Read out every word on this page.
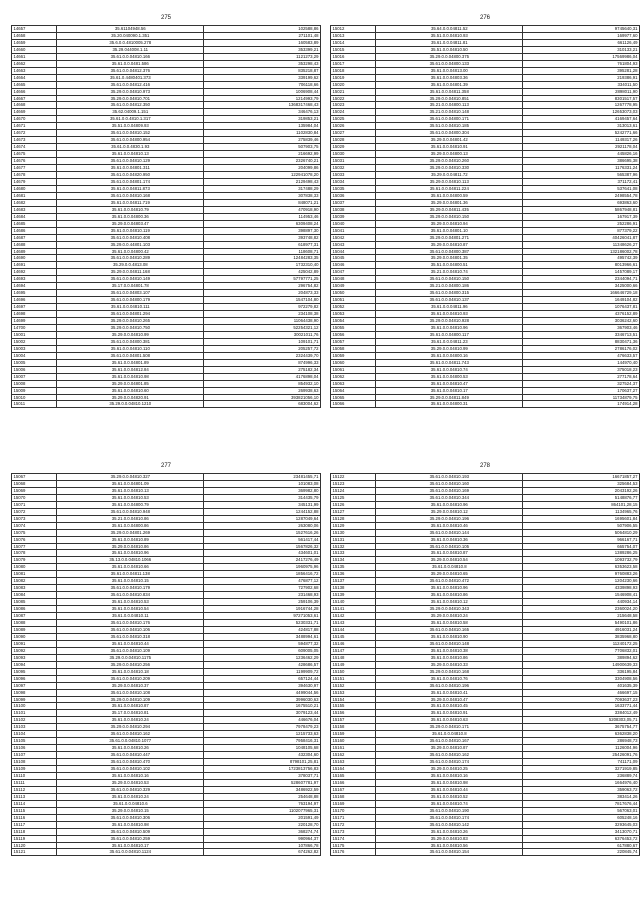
275
14657	35.61104948.56	102588,86
14658	35.20.040090.1.351	271101,48
14659	35.6.0.0.4810005.278	160583,89
14660	35.29.044008.1.11	353399,21
14661	35.61.0.0.04810.166	1121273,29
14662	35.61.0.0.0481.586	353298,43
14663	35.61.0.0.04812.376	835218,87
14664	35.61.0.4480401.373	339199,62
14665	35.61.0.0.04812.416	706118,66
14666	35.29.0.0.04810.973	1006908,44
14667	35.29.0.0.04810.701	1214993,79
14668	35.61.0.0.04812.350	1368317468,43
14669	35.62.04009.1.151	346476,13
14670	35.61.0.0.4810.1.317	319853,21
14671	35.51.0.0.04809.93	135984,04
14672	35.61.0.0.04810.152	1102830,84
14673	35.61.0.0.04800.954	275839,46
14674	35.61.0.0.4830.1.93	507903,75
14675	35.61.0.0.04810.13	216692,99
14676	35.61.0.0.04810.129	2326740,21
14677	35.61.0.0.04801.311	204099,86
14678	35.61.0.0.04820.950	122941078,20
14679	35.61.0.0.04801.174	2129498,43
14680	35.61.0.0.04811.873	317488,29
14681	35.61.0.0.04810.168	307838,33
14682	35.61.0.0.04811.719	848071,21
14683	35.61.0.0.04810.79	470918,90
14684	35.61.0.0.04800.36	114953,46
14685	35.29.0.0.04803.47	6309408,24
14686	35.61.0.0.04810.119	398897,30
14687	35.61.0.0.04810.408	393748,82
14688	35.29.0.0.44801.103	618977,31
14689	35.61.0.0.04800.42	118608,71
14690	35.61.0.0.04810.289	12484283,35
14691	35.29.0.0.4813.08	1732310,40
14692	35.29.0.0.04811.168	425042,89
14693	35.61.0.0.04810.149	57797771,25
14694	35.17.0.0.04801.78	296754,82
14695	35.61.0.0.04803.107	204873,33
14696	35.61.0.0.04800.179	1547104,80
14697	35.61.0.0.04810.111	972279,82
14698	35.61.0.0.04801.294	234108,38
14699	35.29.0.0.04810.265	11064438,90
14700	35.29.0.0.04810.750	52254321,12
15001	35.29.0.0.04810.99	30021011,76
15002	35.61.0.0.04800.381	109101,71
15003	35.61.0.0.04810.110	205257,72
15004	35.61.0.0.04801.508	2324439,70
15005	35.61.0.0.04801.89	874996,33
15006	35.61.0.0.04812.84	275182,34
15007	35.61.0.0.04810.98	4176898,04
15008	35.29.0.0.04801.85	854932,10
15009	35.61.0.0.04810.60	269938,63
15010	35.29.0.0.04820.91	393821056,10
15011	35.29.0.0.04810.1210	683004,62
276
15012	35.64.0.0.04811.52	9745640,31
15013	35.51.0.0.04810.93	169977,60
15014	35.61.0.0.04811.81	661126,49
15015	35.51.0.0.04810.50	310133,21
15016	35.29.0.0.04800.375	17569986,04
15017	35.61.0.0.04800.133	761804,93
15018	35.61.0.0.04813.00	395281,28
15019	35.61.0.0.04803.36	219386,91
15020	35.61.0.0.04801.39	334011,50
15021	35.61.0.0.04811.358	2898011,90
15022	35.29.0.0.04810.851	8301517,57
15023	35.21.0.0.04800.113	1267778,95
15024	35.21.0.0.04810.148	12653073,03
15025	35.61.0.0.04800.171	4169457,64
15026	35.51.0.0.04810.185	313013,61
15027	35.61.0.0.04800.304	5242771,66
15028	35.29.0.0.04801.42	1149317,26
15029	35.61.0.0.04810.91	2921178,04
15030	35.29.0.0.04800.13	445826,16
15031	35.29.0.0.04810.260	386695,38
15032	35.29.0.0.04810.330	1176331,24
15033	35.29.0.0.04811.72	565387,96
15034	35.29.0.0.04810.113	371172,41
15035	35.61.0.0.04811.224	537641,08
15036	35.61.0.0.04800.59	2498554,78
15037	35.29.0.0.04801.36	693863,60
15038	35.29.0.0.04811.435	5867948,81
15039	35.29.0.0.04810.150	167917,39
15040	35.29.0.0.04810.94	252286,91
15041	35.61.0.0.04801.10	877379,22
15042	35.29.0.0.04801.271	40426041,87
15043	35.29.0.0.04810.87	11348626,27
15044	35.61.0.0.04800.387	132186002,78
15045	35.29.0.0.04801.35	495742,39
15046	35.51.0.0.04800.51	8013966,61
15047	35.21.0.0.04810.74	1457089,17
15048	35.61.0.0.04810.150	2344094,71
15049	35.21.0.0.04800.186	3425000,66
15050	35.61.0.0.04800.315	166646729,18
15051	35.61.0.0.04810.137	1649104,82
15052	35.61.0.0.04811.96	1076437,81
15053	35.61.0.0.04810.93	4376152,89
15054	35.29.0.0.04810.928	3036242,60
15055	35.61.0.0.04810.96	367903,46
15056	35.61.0.0.04800.117	3346713,51
15057	35.61.0.0.04811.23	8830471,36
15058	35.29.0.0.04810.99	2786176,02
15059	35.61.0.0.04800.16	476633,57
15060	35.61.0.0.04811.743	144970,40
15061	35.61.0.0.04810.74	375018,23
15062	35.61.0.0.04800.53	277178,64
15063	35.61.0.0.04810.47	327524,37
15064	35.61.0.0.04810.17	170637,27
15065	35.29.0.0.04811.849	11734879,75
15066	35.61.0.0.04800.31	174914,28
277
15067	35.29.0.0.04810.327	23481455,71
15068	35.61.0.0.04801.09	101083,08
15069	35.61.0.0.04810.13	369982,80
15070	35.61.0.0.04810.53	314435,79
15071	35.61.0.0.04800.79	345131,99
15072	35.61.0.0.04810.948	1244152,88
15073	35.21.0.0.04810.86	1287049,64
15074	35.61.0.0.04800.86	263080,06
15075	35.29.0.0.04801.269	1527616,26
15076	35.61.0.0.04810.89	561417,44
15077	35.29.0.0.04810.86	1567826,32
15078	35.61.0.0.04810.96	434601,01
15079	35.13.0.0.04810.1066	2417276,49
15080	35.61.0.0.04810.66	1960975,96
15081	35.61.0.0.04811.138	1856416,72
15082	35.61.0.0.04810.15	476877,12
15083	35.61.0.0.04810.179	727902,68
15084	35.61.0.0.04810.834	231468,93
15085	35.61.0.0.04810.53	259106,39
15086	35.61.0.0.04810.54	1916744,28
15087	35.61.0.0.04810.11	97271053,61
15088	35.61.0.0.04810.176	5230331,71
15089	35.61.0.0.04810.106	424817,88
15090	35.61.0.0.04810.318	3488994,61
15091	35.61.0.0.04810.44	594877,32
15092	35.61.0.0.04810.109	609005,05
15093	35.29.0.0.04810.1175	1236462,29
15094	35.29.0.0.04810.256	428686,57
15095	35.61.0.0.04810.18	1199909,72
15096	35.61.0.0.04810.209	657124,44
15097	35.29.0.0.04810.37	394630,97
15098	35.61.0.0.04810.108	4499044,56
15099	35.29.0.0.04810.109	3996030,63
15100	35.61.0.0.04810.87	1675510,21
15101	35.17.0.0.04810.81	3079123,44
15102	35.61.0.0.04810.24	446676,04
15103	35.29.0.0.04810.294	7978479,23
15104	35.61.0.0.04810.162	1215733,63
15105	35.61.0.0.04810.1077	7958416,31
15106	35.61.0.0.04810.26	1048105,68
15107	35.61.0.0.04810.447	432304,60
15108	35.61.0.0.04810.470	8798101,25,81
15109	35.61.0.0.04810.102	1723813756,83
15110	35.61.0.0.04810.16	378037,71
15111	35.29.0.0.04810.53	528607781,97
15112	35.61.0.0.04810.329	3486922,59
15113	35.61.0.0.04810.24	254648,88
15114	35.61.0.0.04810.6	763194,97
15115	35.29.0.0.04810.15	1102077965,31
15116	35.61.0.0.04810.306	201591,49
15117	35.61.0.0.04810.98	220128,70
15118	35.61.0.0.04810.509	368274,74
15119	35.61.0.0.04810.259	990964,37
15120	35.61.0.0.04810.17	107866,78
15121	35.61.0.0.04810.1124	674262,82
278
15122	35.61.0.0.04810.193	16671857,27
15123	35.61.0.0.04810.160	325684,53
15124	35.61.0.0.04810.169	2043192,26
15125	35.61.0.0.04810.344	5148876,77
15126	35.61.0.0.04810.96	864101,28,15
15127	35.29.0.0.04810.12	1134965,76
15128	35.29.0.0.04810.196	1695601,84
15129	35.61.0.0.04810.46	507906,55
15130	35.61.0.0.04810.144	5064810,29
15131	35.61.0.0.04810.36	966167,71
15132	35.61.0.0.04810.105	665754,07
15133	35.61.0.0.04810.87	1389286,25
15134	35.29.0.0.04810.54	1093732,79
15135	35.61.0.0.04810.8	6353623,58
15136	35.29.0.0.04810.65	9760883,26
15137	35.61.0.0.04810.472	1204230,66
15138	35.61.0.0.04810.96	4339898,93
15139	35.61.0.0.04810.86	1546908,41
15140	35.61.0.0.04810.12	440934,14
15141	35.29.0.0.04810.343	2360024,20
15142	35.29.0.0.04810.24	215648,58
15143	35.61.0.0.04810.58	5490101,86
15144	35.61.0.0.04810.165	4916031,24
15145	35.61.0.0.04810.90	3835968,80
15146	35.61.0.0.04810.148	11240172,25
15147	35.61.0.0.04810.38	7706832,01
15148	35.61.0.0.04810.86	389894,62
15149	35.29.0.0.04810.33	14900639,33
15150	35.29.0.0.04810.168	336195,84
15151	35.61.0.0.04810.76	3304908,56
15152	35.61.0.0.04810.196	401635,39
15153	35.61.0.0.04810.41	466697,15
15154	35.29.0.0.04810.47	7093637,23
15155	35.61.0.0.04810.45	1633771,44
15156	35.61.0.0.04810.91	3384012,49
15157	35.61.0.0.04810.63	5208303,05,71
15158	35.29.0.0.04810.171	3675754,77
15159	35.61.0.0.04810.8	6362838,20
15160	35.61.0.0.04810.167	286948,73
15161	35.29.0.0.04810.87	1126004,96
15162	35.61.0.0.04810.162	25426091,76
15163	35.61.0.0.04810.174	741171,09
15164	35.29.0.0.04810.25	3271919,85
15165	35.61.0.0.04810.16	236889,74
15166	35.61.0.0.04810.98	1664976,40
15167	35.61.0.0.04810.44	359063,72
15168	35.61.0.0.04810.52	383414,26
15169	35.61.0.0.04810.74	7817676,44
15170	35.61.0.0.04810.190	567063,01
15171	35.61.0.0.04810.174	605248,16
15172	35.61.0.0.04810.142	3293645,03
15173	35.61.0.0.04810.26	3413070,71
15174	35.29.0.0.04810.83	6376453,72
15175	35.61.0.0.04810.56	617880,67
15176	35.61.0.0.04810.154	220845,74
